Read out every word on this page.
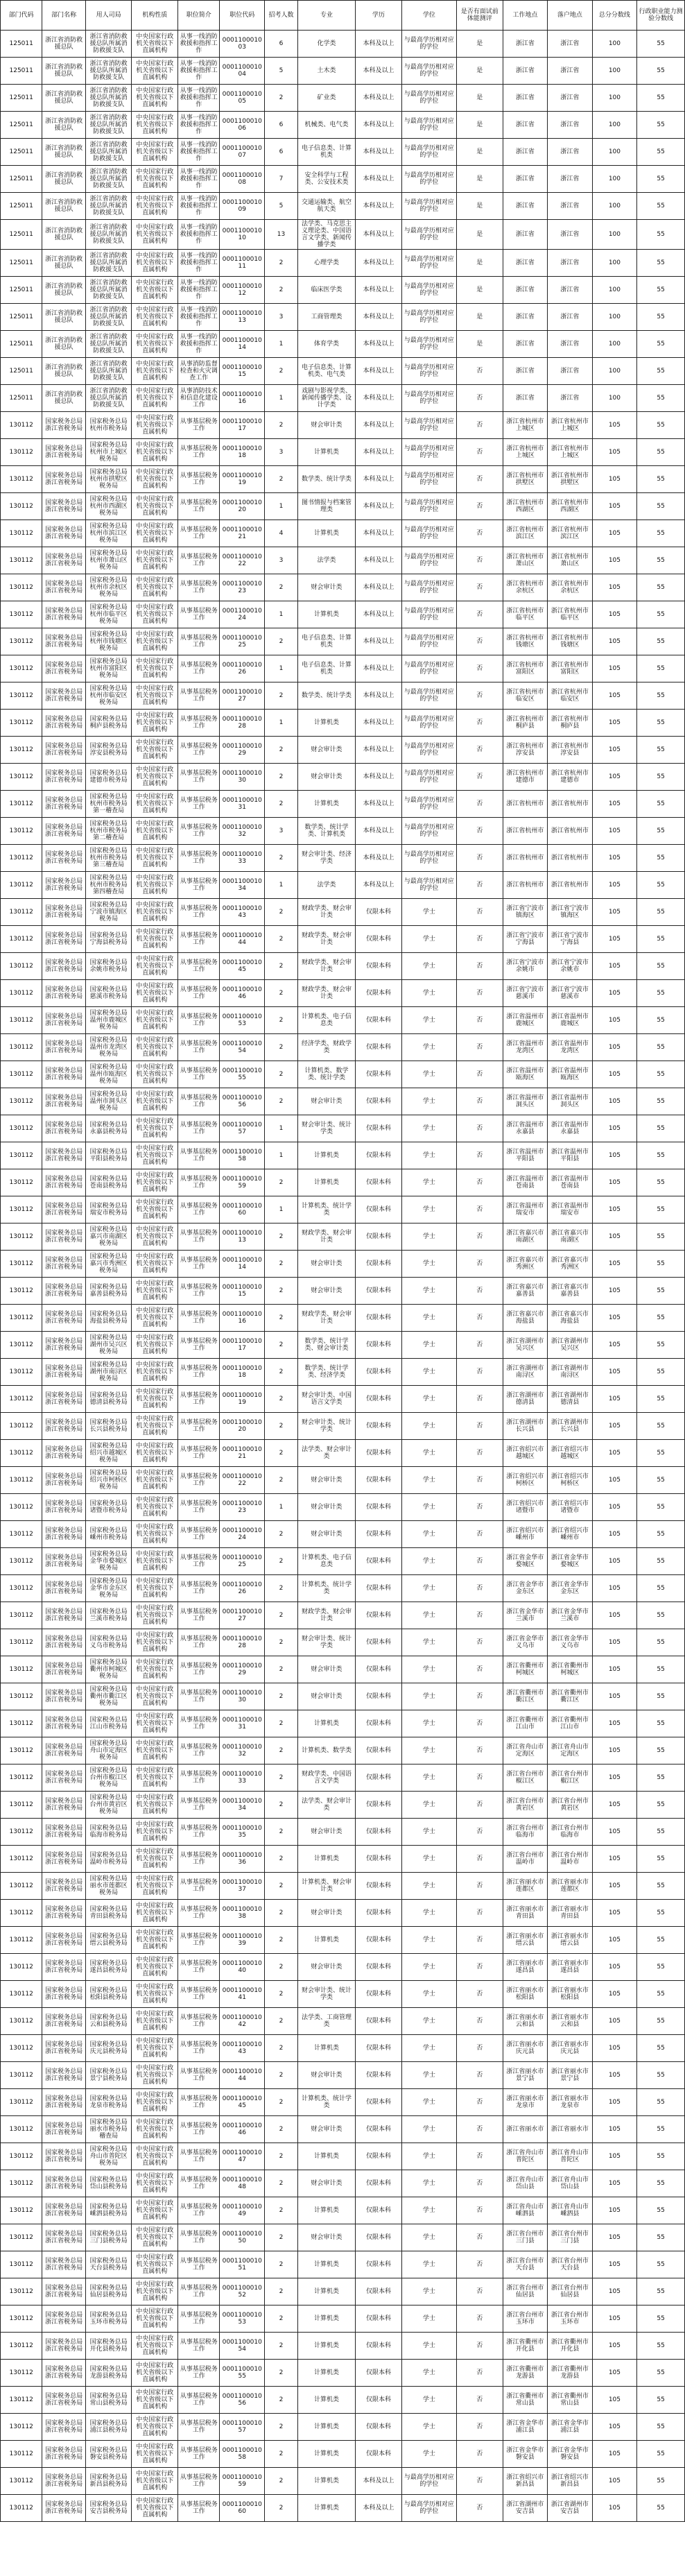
部门代码	部门名称	用人司局	机构性质	职位简介	职位代码	招考人数	专业	学历	学位	是否有面试前体能测评	工作地点	落户地点	总分分数线	行政职业能力测验分数线
125011	浙江省消防救援总队	浙江省消防救援总队所属消防救援支队	中央国家行政机关省级以下直属机构	从事一线消防救援和指挥工作	000110001003	6	化学类	本科及以上	与最高学历相对应的学位	是	浙江省	浙江省	100	55
125011	浙江省消防救援总队	浙江省消防救援总队所属消防救援支队	中央国家行政机关省级以下直属机构	从事一线消防救援和指挥工作	000110001004	5	土木类	本科及以上	与最高学历相对应的学位	是	浙江省	浙江省	100	55
125011	浙江省消防救援总队	浙江省消防救援总队所属消防救援支队	中央国家行政机关省级以下直属机构	从事一线消防救援和指挥工作	000110001005	2	矿业类	本科及以上	与最高学历相对应的学位	是	浙江省	浙江省	100	55
125011	浙江省消防救援总队	浙江省消防救援总队所属消防救援支队	中央国家行政机关省级以下直属机构	从事一线消防救援和指挥工作	000110001006	6	机械类、电气类	本科及以上	与最高学历相对应的学位	是	浙江省	浙江省	100	55
125011	浙江省消防救援总队	浙江省消防救援总队所属消防救援支队	中央国家行政机关省级以下直属机构	从事一线消防救援和指挥工作	000110001007	6	电子信息类、计算机类	本科及以上	与最高学历相对应的学位	是	浙江省	浙江省	100	55
125011	浙江省消防救援总队	浙江省消防救援总队所属消防救援支队	中央国家行政机关省级以下直属机构	从事一线消防救援和指挥工作	000110001008	7	安全科学与工程类、公安技术类	本科及以上	与最高学历相对应的学位	是	浙江省	浙江省	100	55
125011	浙江省消防救援总队	浙江省消防救援总队所属消防救援支队	中央国家行政机关省级以下直属机构	从事一线消防救援和指挥工作	000110001009	5	交通运输类、航空航天类	本科及以上	与最高学历相对应的学位	是	浙江省	浙江省	100	55
125011	浙江省消防救援总队	浙江省消防救援总队所属消防救援支队	中央国家行政机关省级以下直属机构	从事一线消防救援和指挥工作	000110001010	13	法学类、马克思主义理论类、中国语言文学类、新闻传播学类	本科及以上	与最高学历相对应的学位	是	浙江省	浙江省	100	55
125011	浙江省消防救援总队	浙江省消防救援总队所属消防救援支队	中央国家行政机关省级以下直属机构	从事一线消防救援和指挥工作	000110001011	2	心理学类	本科及以上	与最高学历相对应的学位	是	浙江省	浙江省	100	55
125011	浙江省消防救援总队	浙江省消防救援总队所属消防救援支队	中央国家行政机关省级以下直属机构	从事一线消防救援和指挥工作	000110001012	2	临床医学类	本科及以上	与最高学历相对应的学位	是	浙江省	浙江省	100	55
125011	浙江省消防救援总队	浙江省消防救援总队所属消防救援支队	中央国家行政机关省级以下直属机构	从事一线消防救援和指挥工作	000110001013	3	工商管理类	本科及以上	与最高学历相对应的学位	是	浙江省	浙江省	100	55
125011	浙江省消防救援总队	浙江省消防救援总队所属消防救援支队	中央国家行政机关省级以下直属机构	从事一线消防救援和指挥工作	000110001014	1	体育学类	本科及以上	与最高学历相对应的学位	是	浙江省	浙江省	100	55
125011	浙江省消防救援总队	浙江省消防救援总队所属消防救援支队	中央国家行政机关省级以下直属机构	从事消防监督检查和火灾调查工作	000110001015	2	电子信息类、计算机类、电气类	本科及以上	与最高学历相对应的学位	否	浙江省	浙江省	100	55
125011	浙江省消防救援总队	浙江省消防救援总队所属消防救援支队	中央国家行政机关省级以下直属机构	从事消防技术和信息化建设工作	000110001016	1	戏剧与影视学类、新闻传播学类、设计学类	本科及以上	与最高学历相对应的学位	否	浙江省	浙江省	100	55
130112	国家税务总局浙江省税务局	国家税务总局杭州市税务局	中央国家行政机关省级以下直属机构	从事基层税务工作	000110001017	2	财会审计类	本科及以上	与最高学历相对应的学位	否	浙江省杭州市上城区	浙江省杭州市上城区	105	55
130112	国家税务总局浙江省税务局	国家税务总局杭州市上城区税务局	中央国家行政机关省级以下直属机构	从事基层税务工作	000110001018	3	计算机类	本科及以上	与最高学历相对应的学位	否	浙江省杭州市上城区	浙江省杭州市上城区	105	55
130112	国家税务总局浙江省税务局	国家税务总局杭州市拱墅区税务局	中央国家行政机关省级以下直属机构	从事基层税务工作	000110001019	2	数学类、统计学类	本科及以上	与最高学历相对应的学位	否	浙江省杭州市拱墅区	浙江省杭州市拱墅区	105	55
130112	国家税务总局浙江省税务局	国家税务总局杭州市西湖区税务局	中央国家行政机关省级以下直属机构	从事基层税务工作	000110001020	1	图书情报与档案管理类	本科及以上	与最高学历相对应的学位	否	浙江省杭州市西湖区	浙江省杭州市西湖区	105	55
130112	国家税务总局浙江省税务局	国家税务总局杭州市滨江区税务局	中央国家行政机关省级以下直属机构	从事基层税务工作	000110001021	4	计算机类	本科及以上	与最高学历相对应的学位	否	浙江省杭州市滨江区	浙江省杭州市滨江区	105	55
130112	国家税务总局浙江省税务局	国家税务总局杭州市萧山区税务局	中央国家行政机关省级以下直属机构	从事基层税务工作	000110001022	3	法学类	本科及以上	与最高学历相对应的学位	否	浙江省杭州市萧山区	浙江省杭州市萧山区	105	55
130112	国家税务总局浙江省税务局	国家税务总局杭州市余杭区税务局	中央国家行政机关省级以下直属机构	从事基层税务工作	000110001023	2	财会审计类	本科及以上	与最高学历相对应的学位	否	浙江省杭州市余杭区	浙江省杭州市余杭区	105	55
130112	国家税务总局浙江省税务局	国家税务总局杭州市临平区税务局	中央国家行政机关省级以下直属机构	从事基层税务工作	000110001024	1	计算机类	本科及以上	与最高学历相对应的学位	否	浙江省杭州市临平区	浙江省杭州市临平区	105	55
130112	国家税务总局浙江省税务局	国家税务总局杭州市钱塘区税务局	中央国家行政机关省级以下直属机构	从事基层税务工作	000110001025	2	电子信息类、计算机类	本科及以上	与最高学历相对应的学位	否	浙江省杭州市钱塘区	浙江省杭州市钱塘区	105	55
130112	国家税务总局浙江省税务局	国家税务总局杭州市富阳区税务局	中央国家行政机关省级以下直属机构	从事基层税务工作	000110001026	1	电子信息类、计算机类	本科及以上	与最高学历相对应的学位	否	浙江省杭州市富阳区	浙江省杭州市富阳区	105	55
130112	国家税务总局浙江省税务局	国家税务总局杭州市临安区税务局	中央国家行政机关省级以下直属机构	从事基层税务工作	000110001027	2	数学类、统计学类	本科及以上	与最高学历相对应的学位	否	浙江省杭州市临安区	浙江省杭州市临安区	105	55
130112	国家税务总局浙江省税务局	国家税务总局桐庐县税务局	中央国家行政机关省级以下直属机构	从事基层税务工作	000110001028	1	计算机类	本科及以上	与最高学历相对应的学位	否	浙江省杭州市桐庐县	浙江省杭州市桐庐县	105	55
130112	国家税务总局浙江省税务局	国家税务总局淳安县税务局	中央国家行政机关省级以下直属机构	从事基层税务工作	000110001029	2	财会审计类	本科及以上	与最高学历相对应的学位	否	浙江省杭州市淳安县	浙江省杭州市淳安县	105	55
130112	国家税务总局浙江省税务局	国家税务总局建德市税务局	中央国家行政机关省级以下直属机构	从事基层税务工作	000110001030	2	财会审计类	本科及以上	与最高学历相对应的学位	否	浙江省杭州市建德市	浙江省杭州市建德市	105	55
130112	国家税务总局浙江省税务局	国家税务总局杭州市税务局第一稽查局	中央国家行政机关省级以下直属机构	从事基层税务工作	000110001031	2	计算机类	本科及以上	与最高学历相对应的学位	否	浙江省杭州市	浙江省杭州市	105	55
130112	国家税务总局浙江省税务局	国家税务总局杭州市税务局第二稽查局	中央国家行政机关省级以下直属机构	从事基层税务工作	000110001032	3	数学类、统计学类、计算机类	本科及以上	与最高学历相对应的学位	否	浙江省杭州市	浙江省杭州市	105	55
130112	国家税务总局浙江省税务局	国家税务总局杭州市税务局第三稽查局	中央国家行政机关省级以下直属机构	从事基层税务工作	000110001033	2	财会审计类、经济学类	本科及以上	与最高学历相对应的学位	否	浙江省杭州市	浙江省杭州市	105	55
130112	国家税务总局浙江省税务局	国家税务总局杭州市税务局第四稽查局	中央国家行政机关省级以下直属机构	从事基层税务工作	000110001034	1	法学类	本科及以上	与最高学历相对应的学位	否	浙江省杭州市	浙江省杭州市	105	55
130112	国家税务总局浙江省税务局	国家税务总局宁波市镇海区税务局	中央国家行政机关省级以下直属机构	从事基层税务工作	000110001043	2	财政学类、财会审计类	仅限本科	学士	否	浙江省宁波市镇海区	浙江省宁波市镇海区	105	55
130112	国家税务总局浙江省税务局	国家税务总局宁海县税务局	中央国家行政机关省级以下直属机构	从事基层税务工作	000110001044	2	财政学类、财会审计类	仅限本科	学士	否	浙江省宁波市宁海县	浙江省宁波市宁海县	105	55
130112	国家税务总局浙江省税务局	国家税务总局余姚市税务局	中央国家行政机关省级以下直属机构	从事基层税务工作	000110001045	2	财政学类、财会审计类	仅限本科	学士	否	浙江省宁波市余姚市	浙江省宁波市余姚市	105	55
130112	国家税务总局浙江省税务局	国家税务总局慈溪市税务局	中央国家行政机关省级以下直属机构	从事基层税务工作	000110001046	2	财政学类、财会审计类	仅限本科	学士	否	浙江省宁波市慈溪市	浙江省宁波市慈溪市	105	55
130112	国家税务总局浙江省税务局	国家税务总局温州市鹿城区税务局	中央国家行政机关省级以下直属机构	从事基层税务工作	000110001053	2	计算机类、电子信息类	仅限本科	学士	否	浙江省温州市鹿城区	浙江省温州市鹿城区	105	55
130112	国家税务总局浙江省税务局	国家税务总局温州市龙湾区税务局	中央国家行政机关省级以下直属机构	从事基层税务工作	000110001054	2	经济学类、财政学类	仅限本科	学士	否	浙江省温州市龙湾区	浙江省温州市龙湾区	105	55
130112	国家税务总局浙江省税务局	国家税务总局温州市瓯海区税务局	中央国家行政机关省级以下直属机构	从事基层税务工作	000110001055	2	计算机类、数学类、统计学类	仅限本科	学士	否	浙江省温州市瓯海区	浙江省温州市瓯海区	105	55
130112	国家税务总局浙江省税务局	国家税务总局温州市洞头区税务局	中央国家行政机关省级以下直属机构	从事基层税务工作	000110001056	2	财会审计类	仅限本科	学士	否	浙江省温州市洞头区	浙江省温州市洞头区	105	55
130112	国家税务总局浙江省税务局	国家税务总局永嘉县税务局	中央国家行政机关省级以下直属机构	从事基层税务工作	000110001057	1	财会审计类、统计学类	仅限本科	学士	否	浙江省温州市永嘉县	浙江省温州市永嘉县	105	55
130112	国家税务总局浙江省税务局	国家税务总局平阳县税务局	中央国家行政机关省级以下直属机构	从事基层税务工作	000110001058	1	计算机类	仅限本科	学士	否	浙江省温州市平阳县	浙江省温州市平阳县	105	55
130112	国家税务总局浙江省税务局	国家税务总局苍南县税务局	中央国家行政机关省级以下直属机构	从事基层税务工作	000110001059	2	计算机类	仅限本科	学士	否	浙江省温州市苍南县	浙江省温州市苍南县	105	55
130112	国家税务总局浙江省税务局	国家税务总局瑞安市税务局	中央国家行政机关省级以下直属机构	从事基层税务工作	000110001060	1	计算机类、统计学类	仅限本科	学士	否	浙江省温州市瑞安市	浙江省温州市瑞安市	105	55
130112	国家税务总局浙江省税务局	国家税务总局嘉兴市南湖区税务局	中央国家行政机关省级以下直属机构	从事基层税务工作	000110001013	2	财政学类、财会审计类	仅限本科	学士	否	浙江省嘉兴市南湖区	浙江省嘉兴市南湖区	105	55
130112	国家税务总局浙江省税务局	国家税务总局嘉兴市秀洲区税务局	中央国家行政机关省级以下直属机构	从事基层税务工作	000110001014	2	财会审计类	仅限本科	学士	否	浙江省嘉兴市秀洲区	浙江省嘉兴市秀洲区	105	55
130112	国家税务总局浙江省税务局	国家税务总局嘉善县税务局	中央国家行政机关省级以下直属机构	从事基层税务工作	000110001015	2	财会审计类	仅限本科	学士	否	浙江省嘉兴市嘉善县	浙江省嘉兴市嘉善县	105	55
130112	国家税务总局浙江省税务局	国家税务总局海盐县税务局	中央国家行政机关省级以下直属机构	从事基层税务工作	000110001016	2	财政学类、财会审计类	仅限本科	学士	否	浙江省嘉兴市海盐县	浙江省嘉兴市海盐县	105	55
130112	国家税务总局浙江省税务局	国家税务总局湖州市吴兴区税务局	中央国家行政机关省级以下直属机构	从事基层税务工作	000110001017	2	数学类、统计学类、财会审计类	仅限本科	学士	否	浙江省湖州市吴兴区	浙江省湖州市吴兴区	105	55
130112	国家税务总局浙江省税务局	国家税务总局湖州市南浔区税务局	中央国家行政机关省级以下直属机构	从事基层税务工作	000110001018	2	数学类、统计学类、经济学类	仅限本科	学士	否	浙江省湖州市南浔区	浙江省湖州市南浔区	105	55
130112	国家税务总局浙江省税务局	国家税务总局德清县税务局	中央国家行政机关省级以下直属机构	从事基层税务工作	000110001019	2	财会审计类、中国语言文学类	仅限本科	学士	否	浙江省湖州市德清县	浙江省湖州市德清县	105	55
130112	国家税务总局浙江省税务局	国家税务总局长兴县税务局	中央国家行政机关省级以下直属机构	从事基层税务工作	000110001020	2	财会审计类、统计学类	仅限本科	学士	否	浙江省湖州市长兴县	浙江省湖州市长兴县	105	55
130112	国家税务总局浙江省税务局	国家税务总局绍兴市越城区税务局	中央国家行政机关省级以下直属机构	从事基层税务工作	000110001021	2	法学类、财会审计类	仅限本科	学士	否	浙江省绍兴市越城区	浙江省绍兴市越城区	105	55
130112	国家税务总局浙江省税务局	国家税务总局绍兴市柯桥区税务局	中央国家行政机关省级以下直属机构	从事基层税务工作	000110001022	2	财会审计类	仅限本科	学士	否	浙江省绍兴市柯桥区	浙江省绍兴市柯桥区	105	55
130112	国家税务总局浙江省税务局	国家税务总局诸暨市税务局	中央国家行政机关省级以下直属机构	从事基层税务工作	000110001023	1	财会审计类	仅限本科	学士	否	浙江省绍兴市诸暨市	浙江省绍兴市诸暨市	105	55
130112	国家税务总局浙江省税务局	国家税务总局嵊州市税务局	中央国家行政机关省级以下直属机构	从事基层税务工作	000110001024	2	财会审计类	仅限本科	学士	否	浙江省绍兴市嵊州市	浙江省绍兴市嵊州市	105	55
130112	国家税务总局浙江省税务局	国家税务总局金华市婺城区税务局	中央国家行政机关省级以下直属机构	从事基层税务工作	000110001025	2	计算机类、电子信息类	仅限本科	学士	否	浙江省金华市婺城区	浙江省金华市婺城区	105	55
130112	国家税务总局浙江省税务局	国家税务总局金华市金东区税务局	中央国家行政机关省级以下直属机构	从事基层税务工作	000110001026	2	计算机类、统计学类	仅限本科	学士	否	浙江省金华市金东区	浙江省金华市金东区	105	55
130112	国家税务总局浙江省税务局	国家税务总局兰溪市税务局	中央国家行政机关省级以下直属机构	从事基层税务工作	000110001027	2	财政学类、财会审计类	仅限本科	学士	否	浙江省金华市兰溪市	浙江省金华市兰溪市	105	55
130112	国家税务总局浙江省税务局	国家税务总局义乌市税务局	中央国家行政机关省级以下直属机构	从事基层税务工作	000110001028	2	财会审计类、统计学类	仅限本科	学士	否	浙江省金华市义乌市	浙江省金华市义乌市	105	55
130112	国家税务总局浙江省税务局	国家税务总局衢州市柯城区税务局	中央国家行政机关省级以下直属机构	从事基层税务工作	000110001029	2	财会审计类	仅限本科	学士	否	浙江省衢州市柯城区	浙江省衢州市柯城区	105	55
130112	国家税务总局浙江省税务局	国家税务总局衢州市衢江区税务局	中央国家行政机关省级以下直属机构	从事基层税务工作	000110001030	2	财会审计类	仅限本科	学士	否	浙江省衢州市衢江区	浙江省衢州市衢江区	105	55
130112	国家税务总局浙江省税务局	国家税务总局江山市税务局	中央国家行政机关省级以下直属机构	从事基层税务工作	000110001031	2	计算机类	仅限本科	学士	否	浙江省衢州市江山市	浙江省衢州市江山市	105	55
130112	国家税务总局浙江省税务局	国家税务总局舟山市定海区税务局	中央国家行政机关省级以下直属机构	从事基层税务工作	000110001032	2	计算机类、数学类	仅限本科	学士	否	浙江省舟山市定海区	浙江省舟山市定海区	105	55
130112	国家税务总局浙江省税务局	国家税务总局台州市椒江区税务局	中央国家行政机关省级以下直属机构	从事基层税务工作	000110001033	2	财政学类、中国语言文学类	仅限本科	学士	否	浙江省台州市椒江区	浙江省台州市椒江区	105	55
130112	国家税务总局浙江省税务局	国家税务总局台州市黄岩区税务局	中央国家行政机关省级以下直属机构	从事基层税务工作	000110001034	2	法学类、财会审计类	仅限本科	学士	否	浙江省台州市黄岩区	浙江省台州市黄岩区	105	55
130112	国家税务总局浙江省税务局	国家税务总局临海市税务局	中央国家行政机关省级以下直属机构	从事基层税务工作	000110001035	2	财会审计类	仅限本科	学士	否	浙江省台州市临海市	浙江省台州市临海市	105	55
130112	国家税务总局浙江省税务局	国家税务总局温岭市税务局	中央国家行政机关省级以下直属机构	从事基层税务工作	000110001036	2	计算机类	仅限本科	学士	否	浙江省台州市温岭市	浙江省台州市温岭市	105	55
130112	国家税务总局浙江省税务局	国家税务总局丽水市莲都区税务局	中央国家行政机关省级以下直属机构	从事基层税务工作	000110001037	2	计算机类、财会审计类	仅限本科	学士	否	浙江省丽水市莲都区	浙江省丽水市莲都区	105	55
130112	国家税务总局浙江省税务局	国家税务总局青田县税务局	中央国家行政机关省级以下直属机构	从事基层税务工作	000110001038	2	财会审计类	仅限本科	学士	否	浙江省丽水市青田县	浙江省丽水市青田县	105	55
130112	国家税务总局浙江省税务局	国家税务总局缙云县税务局	中央国家行政机关省级以下直属机构	从事基层税务工作	000110001039	2	计算机类	仅限本科	学士	否	浙江省丽水市缙云县	浙江省丽水市缙云县	105	55
130112	国家税务总局浙江省税务局	国家税务总局遂昌县税务局	中央国家行政机关省级以下直属机构	从事基层税务工作	000110001040	2	财会审计类	仅限本科	学士	否	浙江省丽水市遂昌县	浙江省丽水市遂昌县	105	55
130112	国家税务总局浙江省税务局	国家税务总局松阳县税务局	中央国家行政机关省级以下直属机构	从事基层税务工作	000110001041	2	财会审计类、统计学类	仅限本科	学士	否	浙江省丽水市松阳县	浙江省丽水市松阳县	105	55
130112	国家税务总局浙江省税务局	国家税务总局云和县税务局	中央国家行政机关省级以下直属机构	从事基层税务工作	000110001042	2	法学类、工商管理类	仅限本科	学士	否	浙江省丽水市云和县	浙江省丽水市云和县	105	55
130112	国家税务总局浙江省税务局	国家税务总局庆元县税务局	中央国家行政机关省级以下直属机构	从事基层税务工作	000110001043	2	计算机类	仅限本科	学士	否	浙江省丽水市庆元县	浙江省丽水市庆元县	105	55
130112	国家税务总局浙江省税务局	国家税务总局景宁县税务局	中央国家行政机关省级以下直属机构	从事基层税务工作	000110001044	2	财会审计类	仅限本科	学士	否	浙江省丽水市景宁县	浙江省丽水市景宁县	105	55
130112	国家税务总局浙江省税务局	国家税务总局龙泉市税务局	中央国家行政机关省级以下直属机构	从事基层税务工作	000110001045	2	计算机类、统计学类	仅限本科	学士	否	浙江省丽水市龙泉市	浙江省丽水市龙泉市	105	55
130112	国家税务总局浙江省税务局	国家税务总局丽水市税务局稽查局	中央国家行政机关省级以下直属机构	从事基层税务工作	000110001046	2	财会审计类	仅限本科	学士	否	浙江省丽水市	浙江省丽水市	105	55
130112	国家税务总局浙江省税务局	国家税务总局舟山市普陀区税务局	中央国家行政机关省级以下直属机构	从事基层税务工作	000110001047	2	计算机类	仅限本科	学士	否	浙江省舟山市普陀区	浙江省舟山市普陀区	105	55
130112	国家税务总局浙江省税务局	国家税务总局岱山县税务局	中央国家行政机关省级以下直属机构	从事基层税务工作	000110001048	2	财会审计类	仅限本科	学士	否	浙江省舟山市岱山县	浙江省舟山市岱山县	105	55
130112	国家税务总局浙江省税务局	国家税务总局嵊泗县税务局	中央国家行政机关省级以下直属机构	从事基层税务工作	000110001049	2	计算机类	仅限本科	学士	否	浙江省舟山市嵊泗县	浙江省舟山市嵊泗县	105	55
130112	国家税务总局浙江省税务局	国家税务总局三门县税务局	中央国家行政机关省级以下直属机构	从事基层税务工作	000110001050	2	财会审计类	仅限本科	学士	否	浙江省台州市三门县	浙江省台州市三门县	105	55
130112	国家税务总局浙江省税务局	国家税务总局天台县税务局	中央国家行政机关省级以下直属机构	从事基层税务工作	000110001051	2	计算机类	仅限本科	学士	否	浙江省台州市天台县	浙江省台州市天台县	105	55
130112	国家税务总局浙江省税务局	国家税务总局仙居县税务局	中央国家行政机关省级以下直属机构	从事基层税务工作	000110001052	2	计算机类	仅限本科	学士	否	浙江省台州市仙居县	浙江省台州市仙居县	105	55
130112	国家税务总局浙江省税务局	国家税务总局玉环市税务局	中央国家行政机关省级以下直属机构	从事基层税务工作	000110001053	2	计算机类	仅限本科	学士	否	浙江省台州市玉环市	浙江省台州市玉环市	105	55
130112	国家税务总局浙江省税务局	国家税务总局开化县税务局	中央国家行政机关省级以下直属机构	从事基层税务工作	000110001054	2	计算机类	仅限本科	学士	否	浙江省衢州市开化县	浙江省衢州市开化县	105	55
130112	国家税务总局浙江省税务局	国家税务总局龙游县税务局	中央国家行政机关省级以下直属机构	从事基层税务工作	000110001055	2	计算机类	仅限本科	学士	否	浙江省衢州市龙游县	浙江省衢州市龙游县	105	55
130112	国家税务总局浙江省税务局	国家税务总局常山县税务局	中央国家行政机关省级以下直属机构	从事基层税务工作	000110001056	2	计算机类	仅限本科	学士	否	浙江省衢州市常山县	浙江省衢州市常山县	105	55
130112	国家税务总局浙江省税务局	国家税务总局浦江县税务局	中央国家行政机关省级以下直属机构	从事基层税务工作	000110001057	2	计算机类	仅限本科	学士	否	浙江省金华市浦江县	浙江省金华市浦江县	105	55
130112	国家税务总局浙江省税务局	国家税务总局磐安县税务局	中央国家行政机关省级以下直属机构	从事基层税务工作	000110001058	2	计算机类	仅限本科	学士	否	浙江省金华市磐安县	浙江省金华市磐安县	105	55
130112	国家税务总局浙江省税务局	国家税务总局新昌县税务局	中央国家行政机关省级以下直属机构	从事基层税务工作	000110001059	2	计算机类	本科及以上	与最高学历相对应的学位	否	浙江省绍兴市新昌县	浙江省绍兴市新昌县	105	55
130112	国家税务总局浙江省税务局	国家税务总局安吉县税务局	中央国家行政机关省级以下直属机构	从事基层税务工作	000110001060	2	计算机类	本科及以上	与最高学历相对应的学位	否	浙江省湖州市安吉县	浙江省湖州市安吉县	105	55
